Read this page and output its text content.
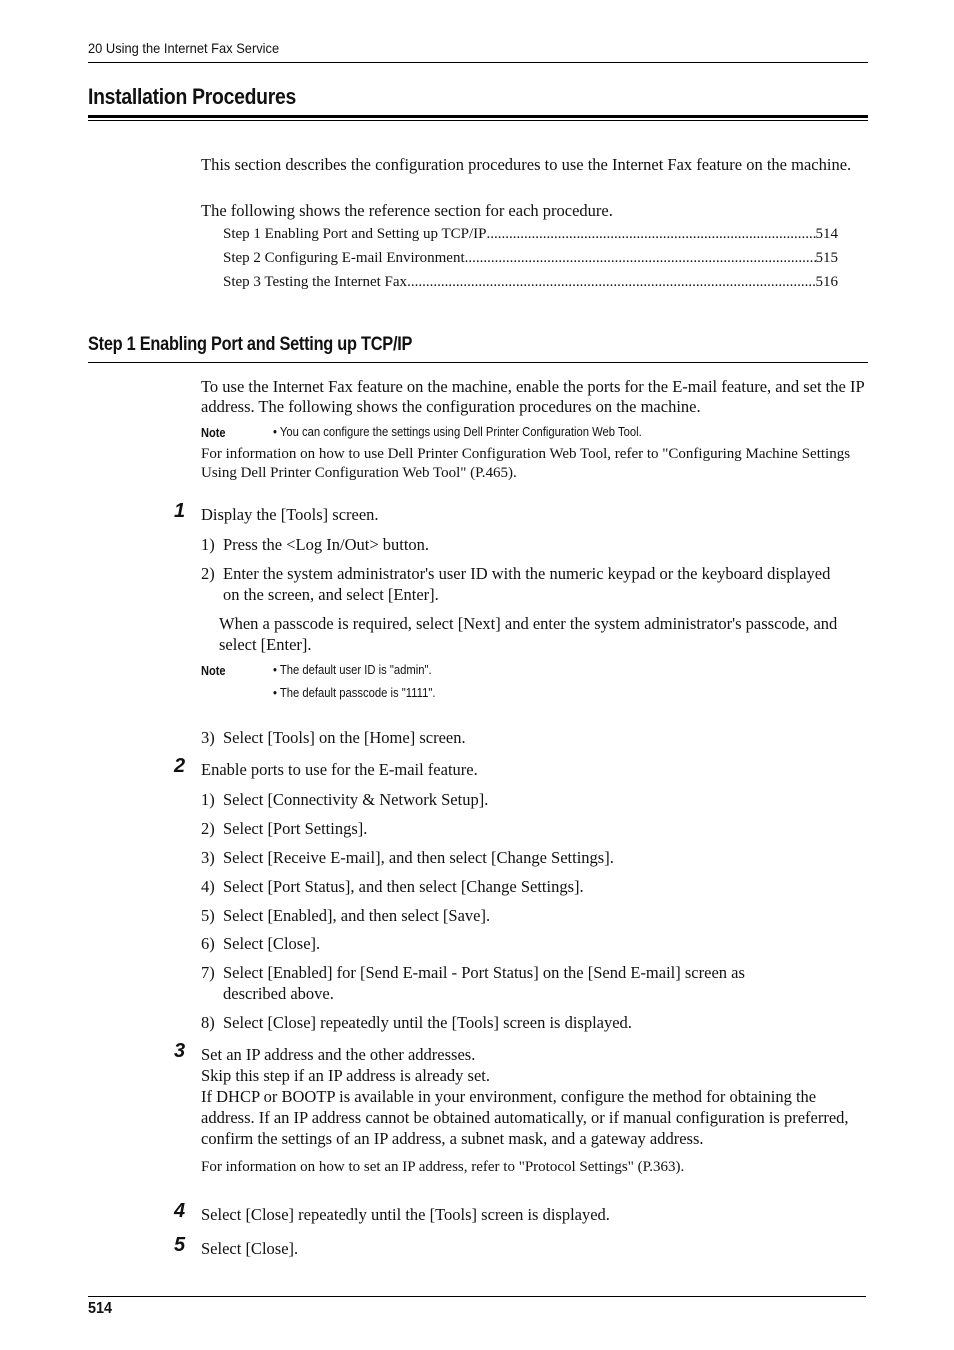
20 Using the Internet Fax Service
Installation Procedures
This section describes the configuration procedures to use the Internet Fax feature on the machine.
The following shows the reference section for each procedure.
Step 1 Enabling Port and Setting up TCP/IP .....	514
Step 2 Configuring E-mail Environment .....	515
Step 3 Testing the Internet Fax .....	516
Step 1 Enabling Port and Setting up TCP/IP
To use the Internet Fax feature on the machine, enable the ports for the E-mail feature, and set the IP address. The following shows the configuration procedures on the machine.
Note	• You can configure the settings using Dell Printer Configuration Web Tool.
For information on how to use Dell Printer Configuration Web Tool, refer to "Configuring Machine Settings Using Dell Printer Configuration Web Tool" (P.465).
1 Display the [Tools] screen.
1) Press the <Log In/Out> button.
2) Enter the system administrator's user ID with the numeric keypad or the keyboard displayed on the screen, and select [Enter].
When a passcode is required, select [Next] and enter the system administrator's passcode, and select [Enter].
Note	• The default user ID is "admin".
• The default passcode is "1111".
3) Select [Tools] on the [Home] screen.
2 Enable ports to use for the E-mail feature.
1) Select [Connectivity & Network Setup].
2) Select [Port Settings].
3) Select [Receive E-mail], and then select [Change Settings].
4) Select [Port Status], and then select [Change Settings].
5) Select [Enabled], and then select [Save].
6) Select [Close].
7) Select [Enabled] for [Send E-mail - Port Status] on the [Send E-mail] screen as described above.
8) Select [Close] repeatedly until the [Tools] screen is displayed.
3 Set an IP address and the other addresses.
Skip this step if an IP address is already set.
If DHCP or BOOTP is available in your environment, configure the method for obtaining the address. If an IP address cannot be obtained automatically, or if manual configuration is preferred, confirm the settings of an IP address, a subnet mask, and a gateway address.
For information on how to set an IP address, refer to "Protocol Settings" (P.363).
4 Select [Close] repeatedly until the [Tools] screen is displayed.
5 Select [Close].
514
